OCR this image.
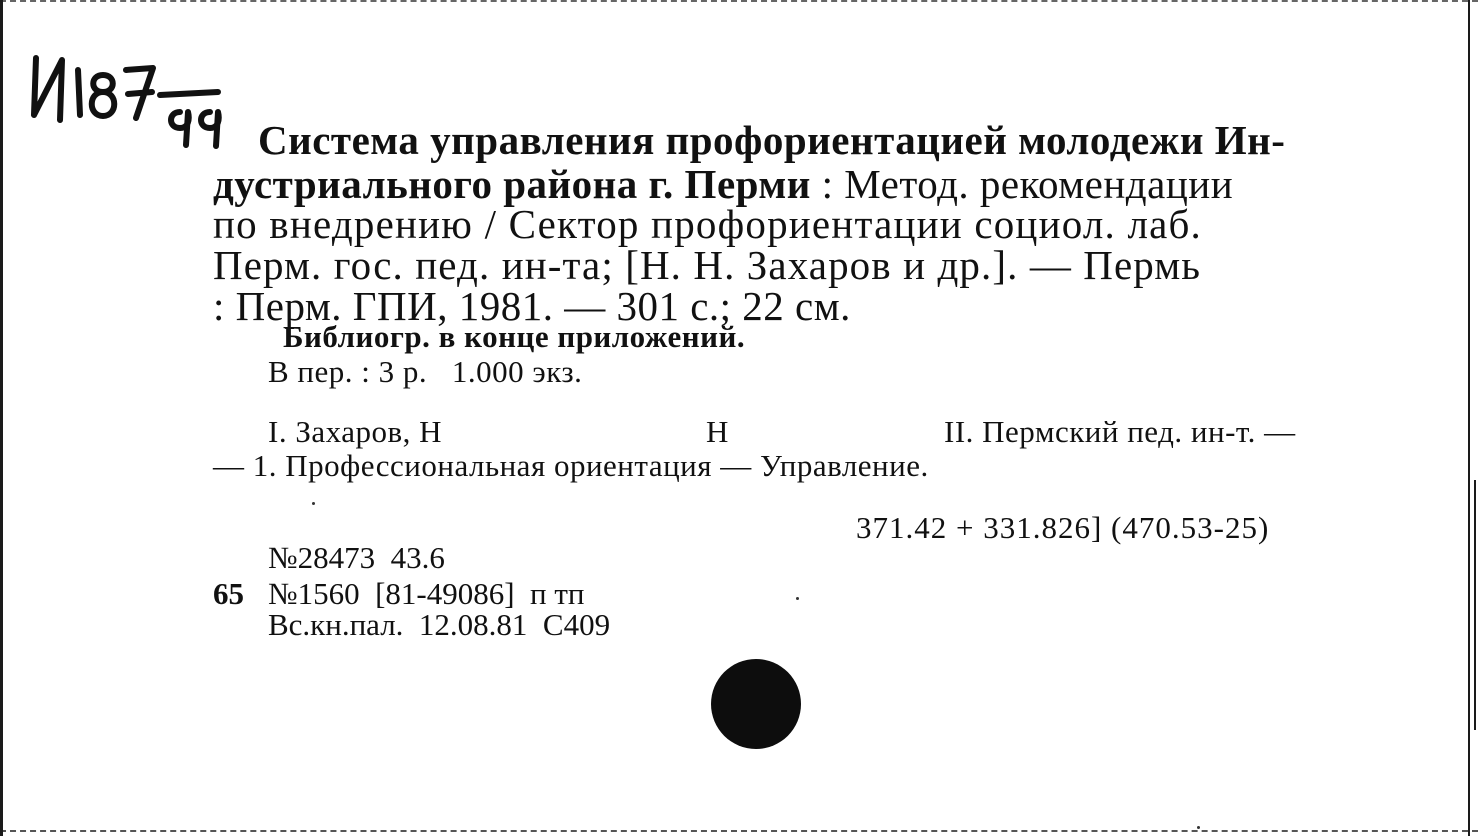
Система управления профориентацией молодежи Ин-
дустриального района г. Перми : Метод. рекомендации
по внедрению / Сектор профориентации социол. лаб.
Перм. гос. пед. ин-та; [Н. Н. Захаров и др.]. — Пермь
: Перм. ГПИ, 1981. — 301 с.; 22 см.
Библиогр. в конце приложений.
В пер. : 3 р.   1.000 экз.
I. Захаров, Н	Н	II. Пермский пед. ин-т. —
— 1. Профессиональная ориентация — Управление.
371.42 + 331.826] (470.53-25)
№28473  43.6
65 №1560  [81-49086]  п тп
Вс.кн.пал.  12.08.81  С409
